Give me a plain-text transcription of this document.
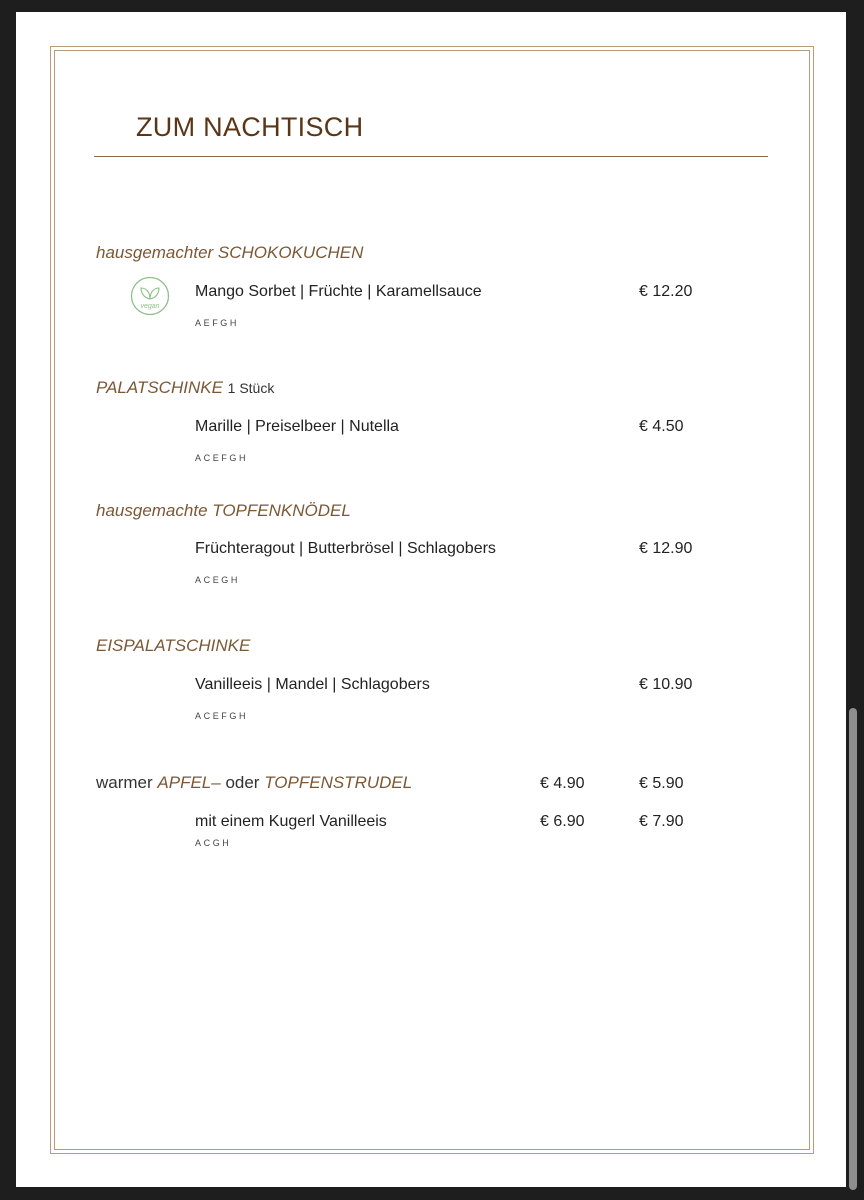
ZUM NACHTISCH
hausgemachter SCHOKOKUCHEN
vegan
Mango Sorbet | Früchte | Karamellsauce	€ 12.20
AEFGH
PALATSCHINKE 1 Stück
Marille | Preiselbeer | Nutella	€ 4.50
ACEFGH
hausgemachte TOPFENKNÖDEL
Früchteragout | Butterbrösel | Schlagobers	€ 12.90
ACEGH
EISPALATSCHINKE
Vanilleeis | Mandel | Schlagobers	€ 10.90
ACEFGH
warmer APFEL– oder TOPFENSTRUDEL	€ 4.90	€ 5.90
mit einem Kugerl Vanilleeis	€ 6.90	€ 7.90
ACGH
